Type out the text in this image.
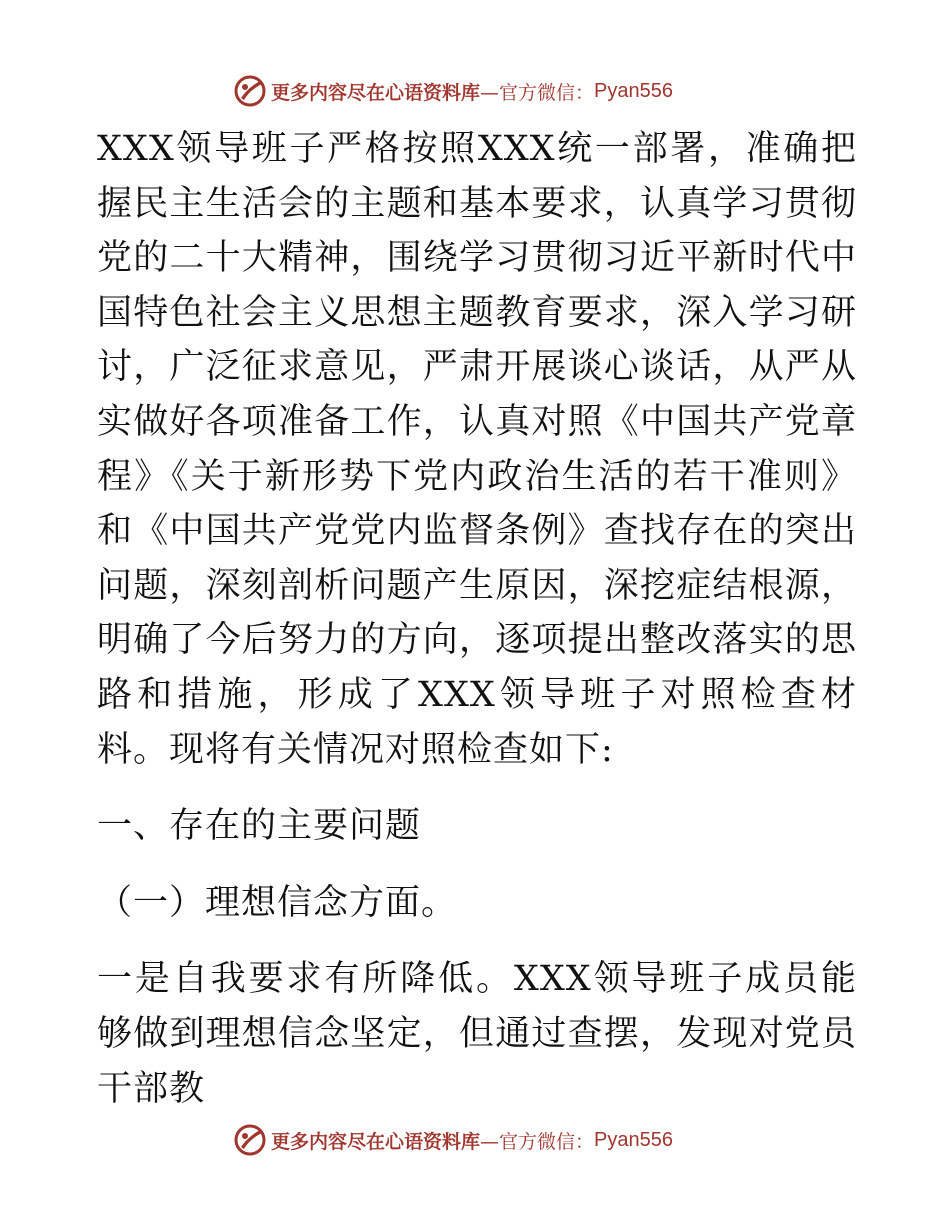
更多内容尽在心语资料库 —官方微信： Pyan556

XXX领导班子严格按照XXX统一部署，准确把握民主生活会的主题和基本要求，认真学习贯彻党的二十大精神，围绕学习贯彻习近平新时代中国特色社会主义思想主题教育要求，深入学习研讨，广泛征求意见，严肃开展谈心谈话，从严从实做好各项准备工作，认真对照《中国共产党章程》《关于新形势下党内政治生活的若干准则》和《中国共产党党内监督条例》查找存在的突出问题，深刻剖析问题产生原因，深挖症结根源，明确了今后努力的方向，逐项提出整改落实的思路和措施，形成了XXX领导班子对照检查材料。现将有关情况对照检查如下:

一、存在的主要问题

（一）理想信念方面。

一是自我要求有所降低。XXX领导班子成员能够做到理想信念坚定，但通过查摆，发现对党员干部教

更多内容尽在心语资料库 —官方微信： Pyan556
